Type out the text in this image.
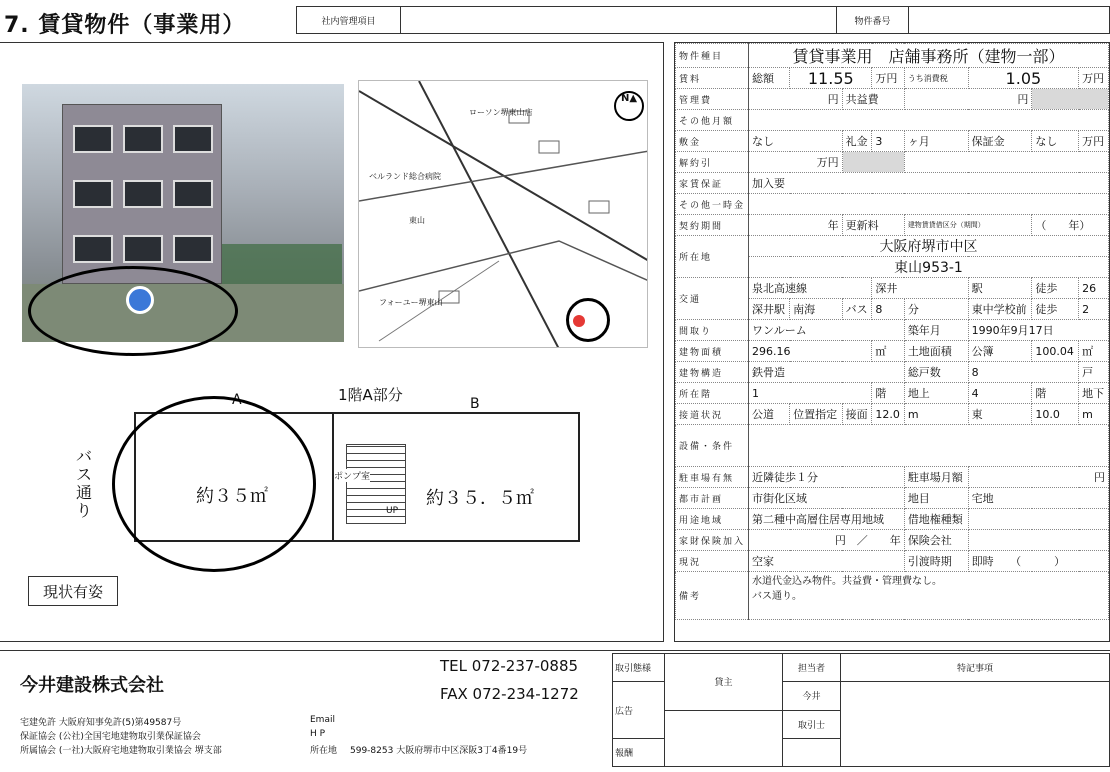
7. 賃貸物件（事業用）	社内管理項目	物件番号
N▲
ローソン堺東山店
ベルランド総合病院
東山
フォーユー堺東山
1階A部分
A	B
ポンプ室
UP
約３５㎡	約３５．５㎡
バス通り
現状有姿
物件種目	賃貸事業用　店舗事務所（建物一部）							
賃料	総額	11.55		万円	うち消費税	1.05		万円
管理費	円		共益費		円			
その他月額								
敷金	なし		礼金	3	ヶ月	保証金	なし	万円
解約引	万円							
家賃保証	加入要							
その他一時金								
契約期間	年		更新料		建物賃貸借区分（期間）		（　　年）	
所在地	大阪府堺市中区							
	東山953-1							
交通	泉北高速線			深井		駅	徒歩	26
	深井駅	南海	バス	8	分	東中学校前	徒歩	2
間取り	ワンルーム				築年月	1990年9月17日		
建物面積	296.16			㎡	土地面積	公簿	100.04	㎡
建物構造	鉄骨造				総戸数	8		戸
所在階	1			階	地上	4	階	地下
接道状況	公道	位置指定	接面	12.0	m	東	10.0	m
設備・条件								
駐車場有無	近隣徒歩１分				駐車場月額	円		
都市計画	市街化区域				地目	宅地		
用途地域	第二種中高層住居専用地域				借地権種類			
家財保険加入	円　／　　年				保険会社			
現況	空家				引渡時期	即時　　（　　　）		
備考	水道代金込み物件。共益費・管理費なし。
バス通り。							
今井建設株式会社
TEL 072-237-0885
FAX 072-234-1272
宅建免許 大阪府知事免許(5)第49587号
保証協会 (公社)全国宅地建物取引業保証協会
所属協会 (一社)大阪府宅地建物取引業協会 堺支部
Email
H P
所在地 599-8253 大阪府堺市中区深阪3丁4番19号
取引態様	貸主	担当者	特記事項
広告		今井	
		取引士	
報酬			
